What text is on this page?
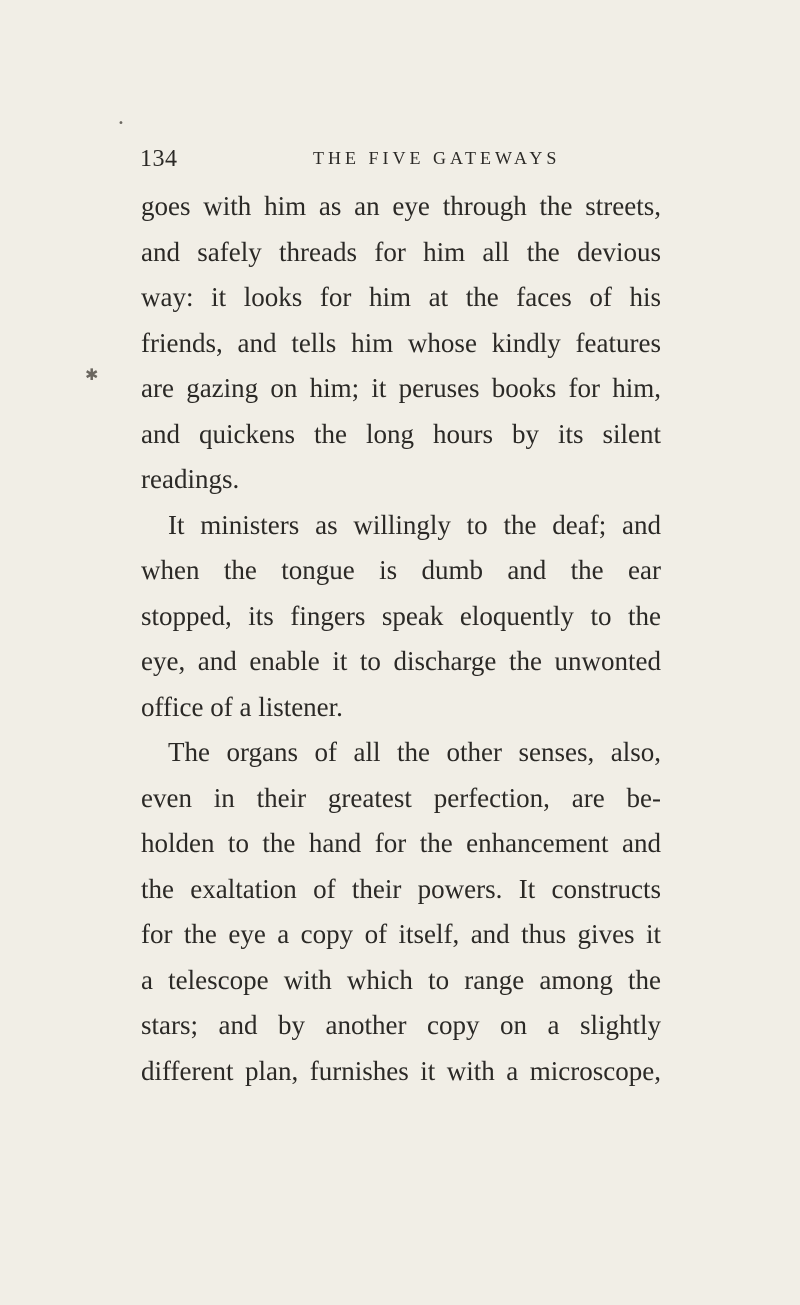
•
✱
134	THE FIVE GATEWAYS
goes with him as an eye through the streets,
and safely threads for him all the devious
way: it looks for him at the faces of his
friends, and tells him whose kindly features
are gazing on him; it peruses books for him,
and quickens the long hours by its silent
readings.
It ministers as willingly to the deaf; and
when the tongue is dumb and the ear
stopped, its fingers speak eloquently to the
eye, and enable it to discharge the unwonted
office of a listener.
The organs of all the other senses, also,
even in their greatest perfection, are be-
holden to the hand for the enhancement and
the exaltation of their powers. It constructs
for the eye a copy of itself, and thus gives it
a telescope with which to range among the
stars; and by another copy on a slightly
different plan, furnishes it with a microscope,
